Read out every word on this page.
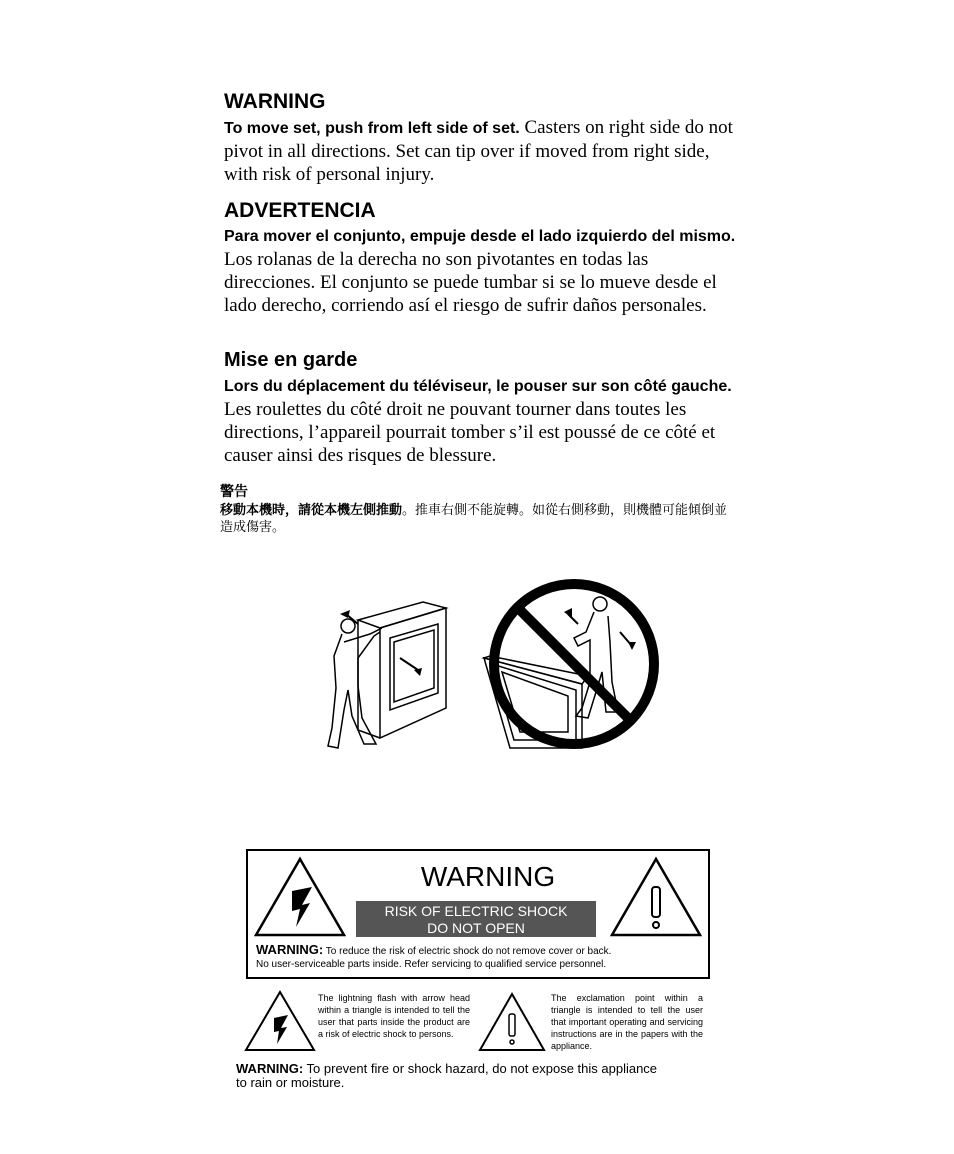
WARNING
To move set, push from left side of set. Casters on right side do not pivot in all directions. Set can tip over if moved from right side, with risk of personal injury.
ADVERTENCIA
Para mover el conjunto, empuje desde el lado izquierdo del mismo. Los rolanas de la derecha no son pivotantes en todas las direcciones. El conjunto se puede tumbar si se lo mueve desde el lado derecho, corriendo así el riesgo de sufrir daños personales.
Mise en garde
Lors du déplacement du téléviseur, le pouser sur son côté gauche. Les roulettes du côté droit ne pouvant tourner dans toutes les directions, l’appareil pourrait tomber s’il est poussé de ce côté et causer ainsi des risques de blessure.
警告
移動本機時，請從本機左側推動。推車右側不能旋轉。如從右側移動，則機體可能傾倒並造成傷害。
WARNING
RISK OF ELECTRIC SHOCK
DO NOT OPEN
WARNING: To reduce the risk of electric shock do not remove cover or back.
No user-serviceable parts inside. Refer servicing to qualified service personnel.
The lightning flash with arrow head within a triangle is intended to tell the user that parts inside the product are a risk of electric shock to persons.
The exclamation point within a triangle is intended to tell the user that important operating and servicing instructions are in the papers with the appliance.
WARNING: To prevent fire or shock hazard, do not expose this appliance
to rain or moisture.
